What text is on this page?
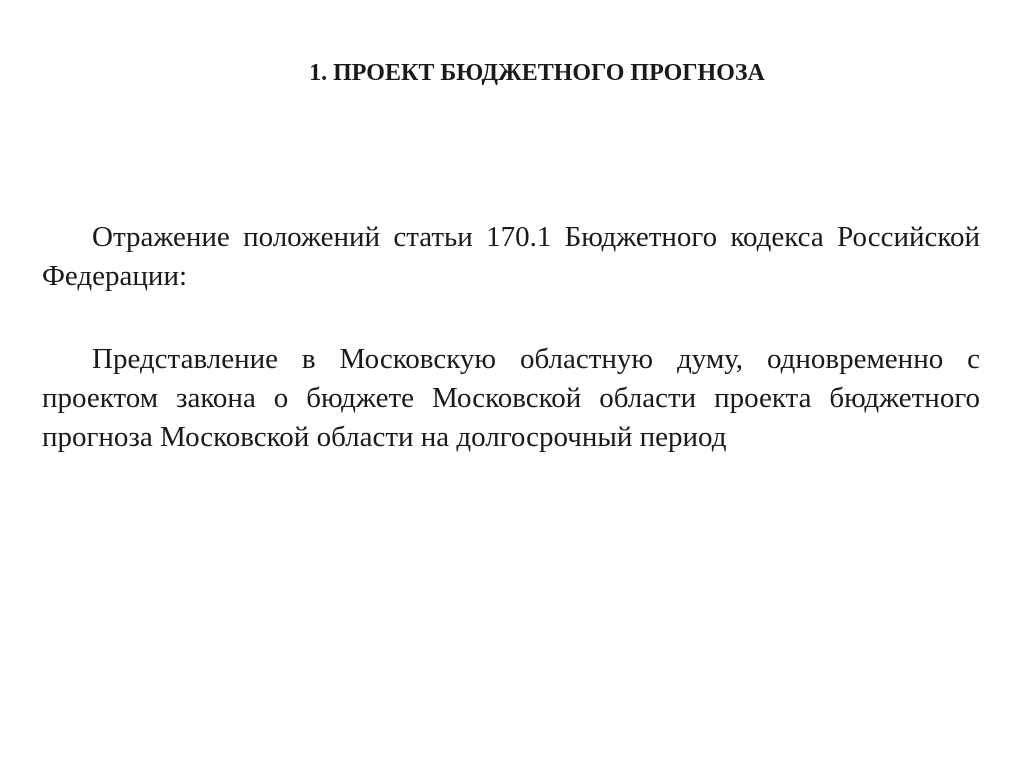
1. ПРОЕКТ БЮДЖЕТНОГО ПРОГНОЗА

Отражение положений статьи 170.1 Бюджетного кодекса Российской Федерации:

Представление в Московскую областную думу, одновременно с проектом закона о бюджете Московской области проекта бюджетного прогноза Московской области на долгосрочный период
